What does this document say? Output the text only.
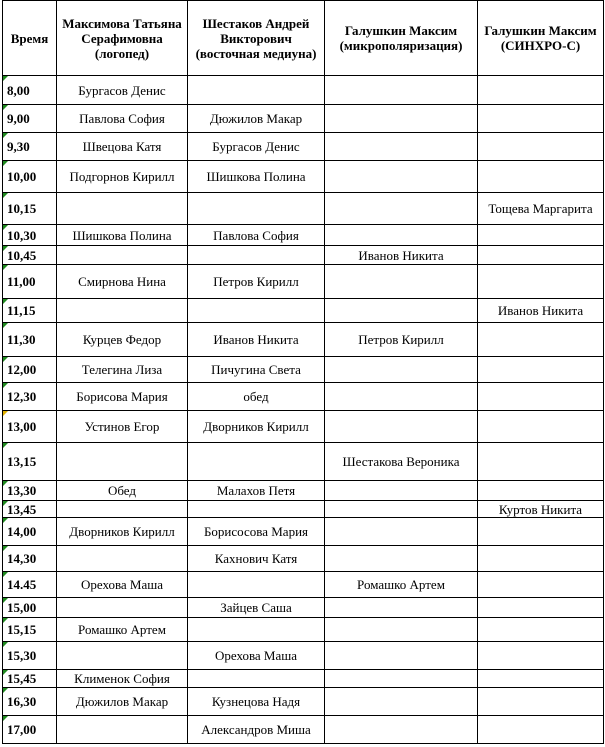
Время	Максимова Татьяна Серафимовна (логопед)	Шестаков Андрей Викторович (восточная медиуна)	Галушкин Максим (микрополяризация)	Галушкин Максим (СИНХРО-С)
8,00	Бургасов Денис			
9,00	Павлова София	Дюжилов Макар		
9,30	Швецова Катя	Бургасов Денис		
10,00	Подгорнов Кирилл	Шишкова Полина		
10,15				Тощева Маргарита
10,30	Шишкова Полина	Павлова София		
10,45			Иванов Никита	
11,00	Смирнова Нина	Петров Кирилл		
11,15				Иванов Никита
11,30	Курцев Федор	Иванов Никита	Петров Кирилл	
12,00	Телегина Лиза	Пичугина Света		
12,30	Борисова Мария	обед		
13,00	Устинов Егор	Дворников Кирилл		
13,15			Шестакова Вероника	
13,30	Обед	Малахов Петя		
13,45				Куртов Никита
14,00	Дворников Кирилл	Борисосова Мария		
14,30		Кахнович Катя		
14.45	Орехова Маша		Ромашко Артем	
15,00		Зайцев Саша		
15,15	Ромашко Артем			
15,30		Орехова Маша		
15,45	Клименок София			
16,30	Дюжилов Макар	Кузнецова Надя		
17,00		Александров Миша		
